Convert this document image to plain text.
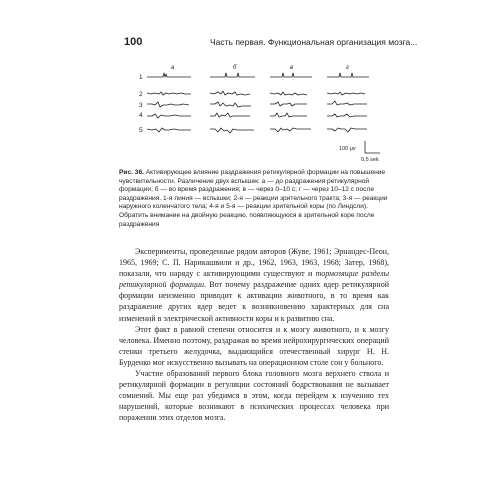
100	Часть первая. Функциональная организация мозга...
а	б	в	г
1
2
3
4
5
100 μv
0,5 sek
Рис. 36. Активирующее влияние раздражения ретикулярной формации на повышение чувствительности. Различение двух вспышек: а — до раздражения ретикулярной формации; б — во время раздражения; в — через 0–10 с; г — через 10–12 с после раздражения. 1-я линия — вспышки; 2-я — реакции зрительного тракта; 3-я — реакции наружного коленчатого тела; 4-я и 5-я — реакции зрительной коры (по Линдсли). Обратить внимание на двойную реакцию, появляющуюся в зрительной коре после раздражения

Эксперименты, проведенные рядом авторов (Жуве, 1961; Эрнандес-Пеон, 1965, 1969; С. П. Нарикашвили и др., 1962, 1963, 1963, 1968; Затер, 1968), показали, что наряду с активирующими существуют и тормозящие разделы ретикулярной формации. Вот почему раздражение одних ядер ретикулярной формации неизменно приводит к активации животного, в то время как раздражение других ядер ведет к возникновению характерных для сна изменений в электрической активности коры и к развитию сна.

Этот факт в равной степени относится и к мозгу животного, и к мозгу человека. Именно поэтому, раздражая во время нейрохирургических операций стенки третьего желудочка, выдающийся отечественный хирург Н. Н. Бурденко мог искусственно вызывать на операционном столе сон у больного.

Участие образований первого блока головного мозга верхнего ствола и ретикулярной формации в регуляции состояний бодрствования не вызывает сомнений. Мы еще раз убедимся в этом, когда перейдем к изучению тех нарушений, которые возникают в психических процессах человека при поражении этих отделов мозга.
